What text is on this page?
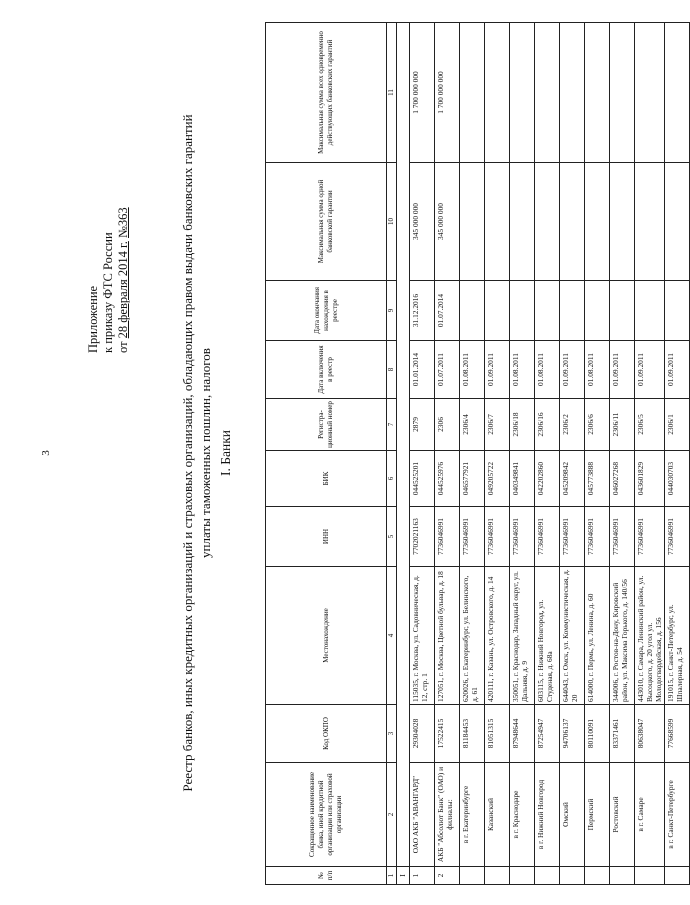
3
Приложение к приказу ФТС России от 28 февраля 2014 г. №363	Реестр банков, иных кредитных организаций и страховых организаций, обладающих правом выдачи банковских гарантий уплаты таможенных пошлин, налогов I. Банки
№ п/п	Сокращенное наименование банка, иной кредитной организации или страховой организации	Код ОКПО	Местонахождение	ИНН	БИК	Регистра-ционный номер	Дата включения в реестр	Дата окончания нахождения в реестре	Максимальная сумма одной банковской гарантии	Максимальная сумма всех одновременно действующих банковских гарантий
1	2	3	4	5	6	7	8	9	10	11
I										
1	ОАО АКБ "АВАНГАРД"	29304028	115035, г. Москва, ул. Садовническая, д. 12, стр. 1	7702021163	044525201	2879	01.01.2014	31.12.2016	345 000 000	1 700 000 000
2	АКБ "Абсолют Банк" (ОАО) и филиалы:	17522415	127051, г. Москва, Цветной бульвар, д. 18	7736046991	044525976	2306	01.07.2011	01.07.2014	345 000 000	1 700 000 000
	в г. Екатеринбурге	81184453	620026, г. Екатеринбург, ул. Белинского, д. 61	7736046991	046577921	2306/4	01.08.2011			
	Казанский	81051315	420111, г. Казань, ул. Островского, д. 14	7736046991	049205722	2306/7	01.09.2011			
	в г. Краснодаре	87948644	350051, г. Краснодар, Западный округ, ул. Дальняя, д. 9	7736046991	040349841	2306/18	01.08.2011			
	в г. Нижний Новгород	87254947	603115, г. Нижний Новгород, ул. Студеная, д. 68а	7736046991	042202860	2306/16	01.08.2011			
	Омский	94706137	644043, г. Омск, ул. Коммунистическая, д. 20	7736046991	045209842	2306/2	01.09.2011			
	Пермский	80110091	614000, г. Пермь, ул. Ленина, д. 60	7736046991	045773888	2306/6	01.08.2011			
	Ростовский	83371461	344006, г. Ростов-на-Дону, Кировский район, ул. Максима Горького, д. 140/56	7736046991	046027268	2306/11	01.09.2011			
	в г. Самаре	80638047	443010, г. Самара, Ленинский район, ул. Высоцкого, д. 20 угол ул. Молодогвардейская, д. 156	7736046991	043601829	2306/5	01.09.2011			
	в г. Санкт-Петербурге	77668599	191015, г. Санкт-Петербург, ул. Шпалерная, д. 54	7736046991	044030703	2306/1	01.09.2011			
